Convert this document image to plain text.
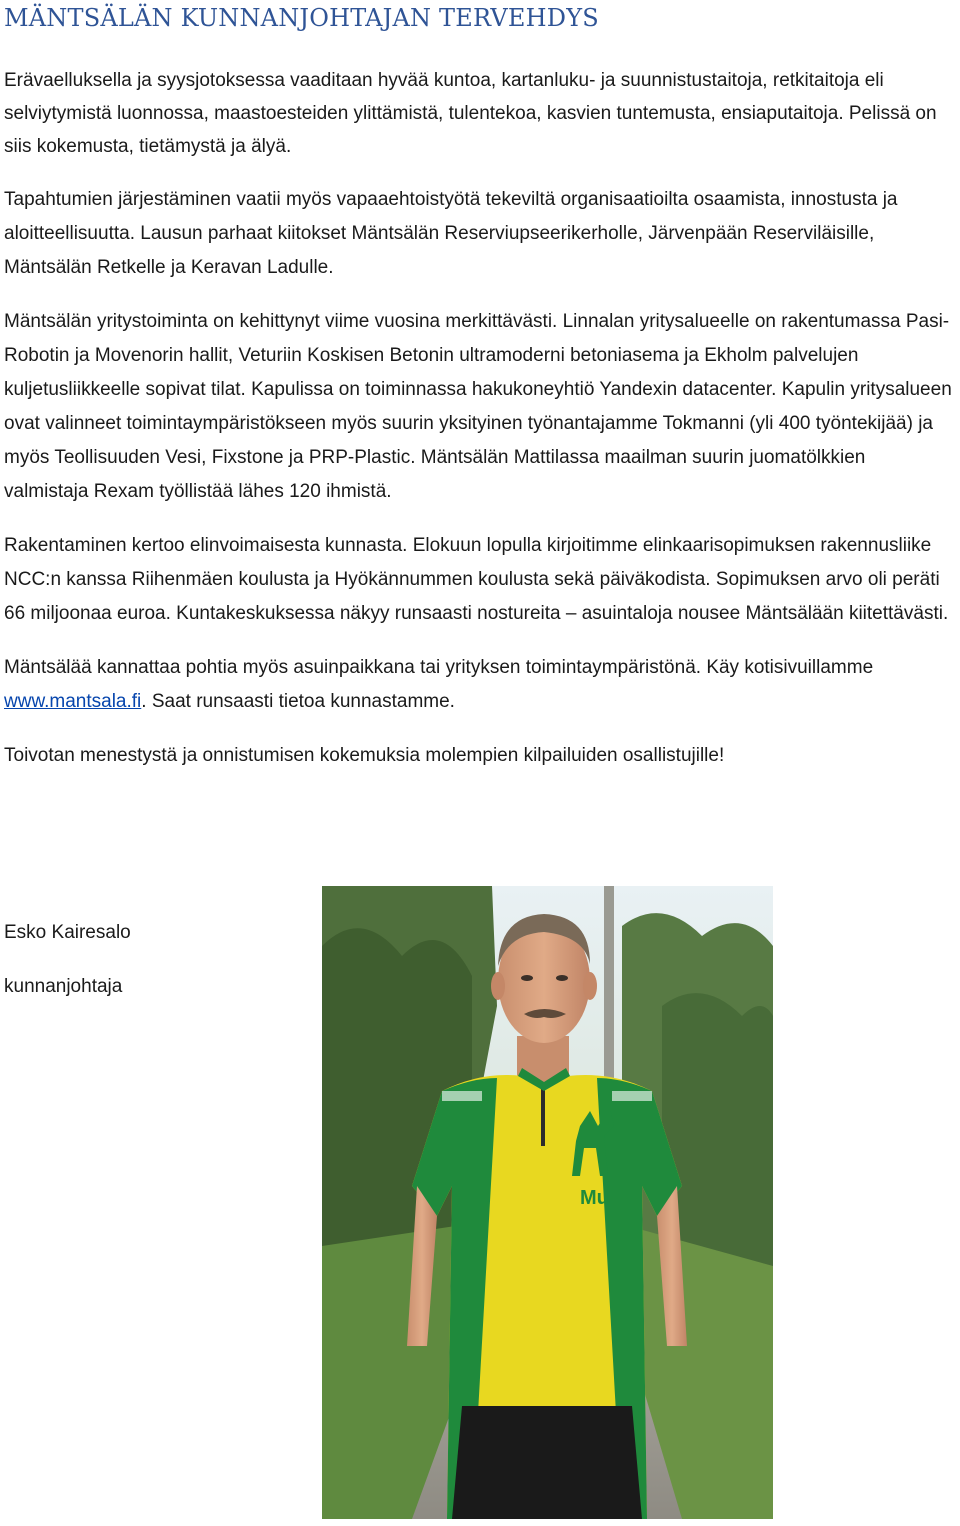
MÄNTSÄLÄN KUNNANJOHTAJAN TERVEHDYS

Erävaelluksella ja syysjotoksessa vaaditaan hyvää kuntoa, kartanluku- ja suunnistustaitoja, retkitaitoja eli selviytymistä luonnossa, maastoesteiden ylittämistä, tulentekoa, kasvien tuntemusta, ensiaputaitoja. Pelissä on siis kokemusta, tietämystä ja älyä.

Tapahtumien järjestäminen vaatii myös vapaaehtoistyötä tekeviltä organisaatioilta osaamista, innostusta ja aloitteellisuutta. Lausun parhaat kiitokset Mäntsälän Reserviupseerikerholle, Järvenpään Reserviläisille, Mäntsälän Retkelle ja Keravan Ladulle.

Mäntsälän yritystoiminta on kehittynyt viime vuosina merkittävästi. Linnalan yritysalueelle on rakentumassa Pasi-Robotin ja Movenorin hallit, Veturiin Koskisen Betonin ultramoderni betoniasema ja Ekholm palvelujen kuljetusliikkeelle sopivat tilat. Kapulissa on toiminnassa hakukoneyhtiö Yandexin datacenter. Kapulin yritysalueen ovat valinneet toimintaympäristökseen myös suurin yksityinen työnantajamme Tokmanni (yli 400 työntekijää) ja myös Teollisuuden Vesi, Fixstone ja PRP-Plastic. Mäntsälän Mattilassa maailman suurin juomatölkkien valmistaja Rexam työllistää lähes 120 ihmistä.

Rakentaminen kertoo elinvoimaisesta kunnasta. Elokuun lopulla kirjoitimme elinkaarisopimuksen rakennusliike NCC:n kanssa Riihenmäen koulusta ja Hyökännummen koulusta sekä päiväkodista. Sopimuksen arvo oli peräti 66 miljoonaa euroa. Kuntakeskuksessa näkyy runsaasti nostureita – asuintaloja nousee Mäntsälään kiitettävästi.

Mäntsälää kannattaa pohtia myös asuinpaikkana tai yrityksen toimintaympäristönä. Käy kotisivuillamme www.mantsala.fi. Saat runsaasti tietoa kunnastamme.

Toivotan menestystä ja onnistumisen kokemuksia molempien kilpailuiden osallistujille!

Esko Kairesalo
kunnanjohtaja
Mu
